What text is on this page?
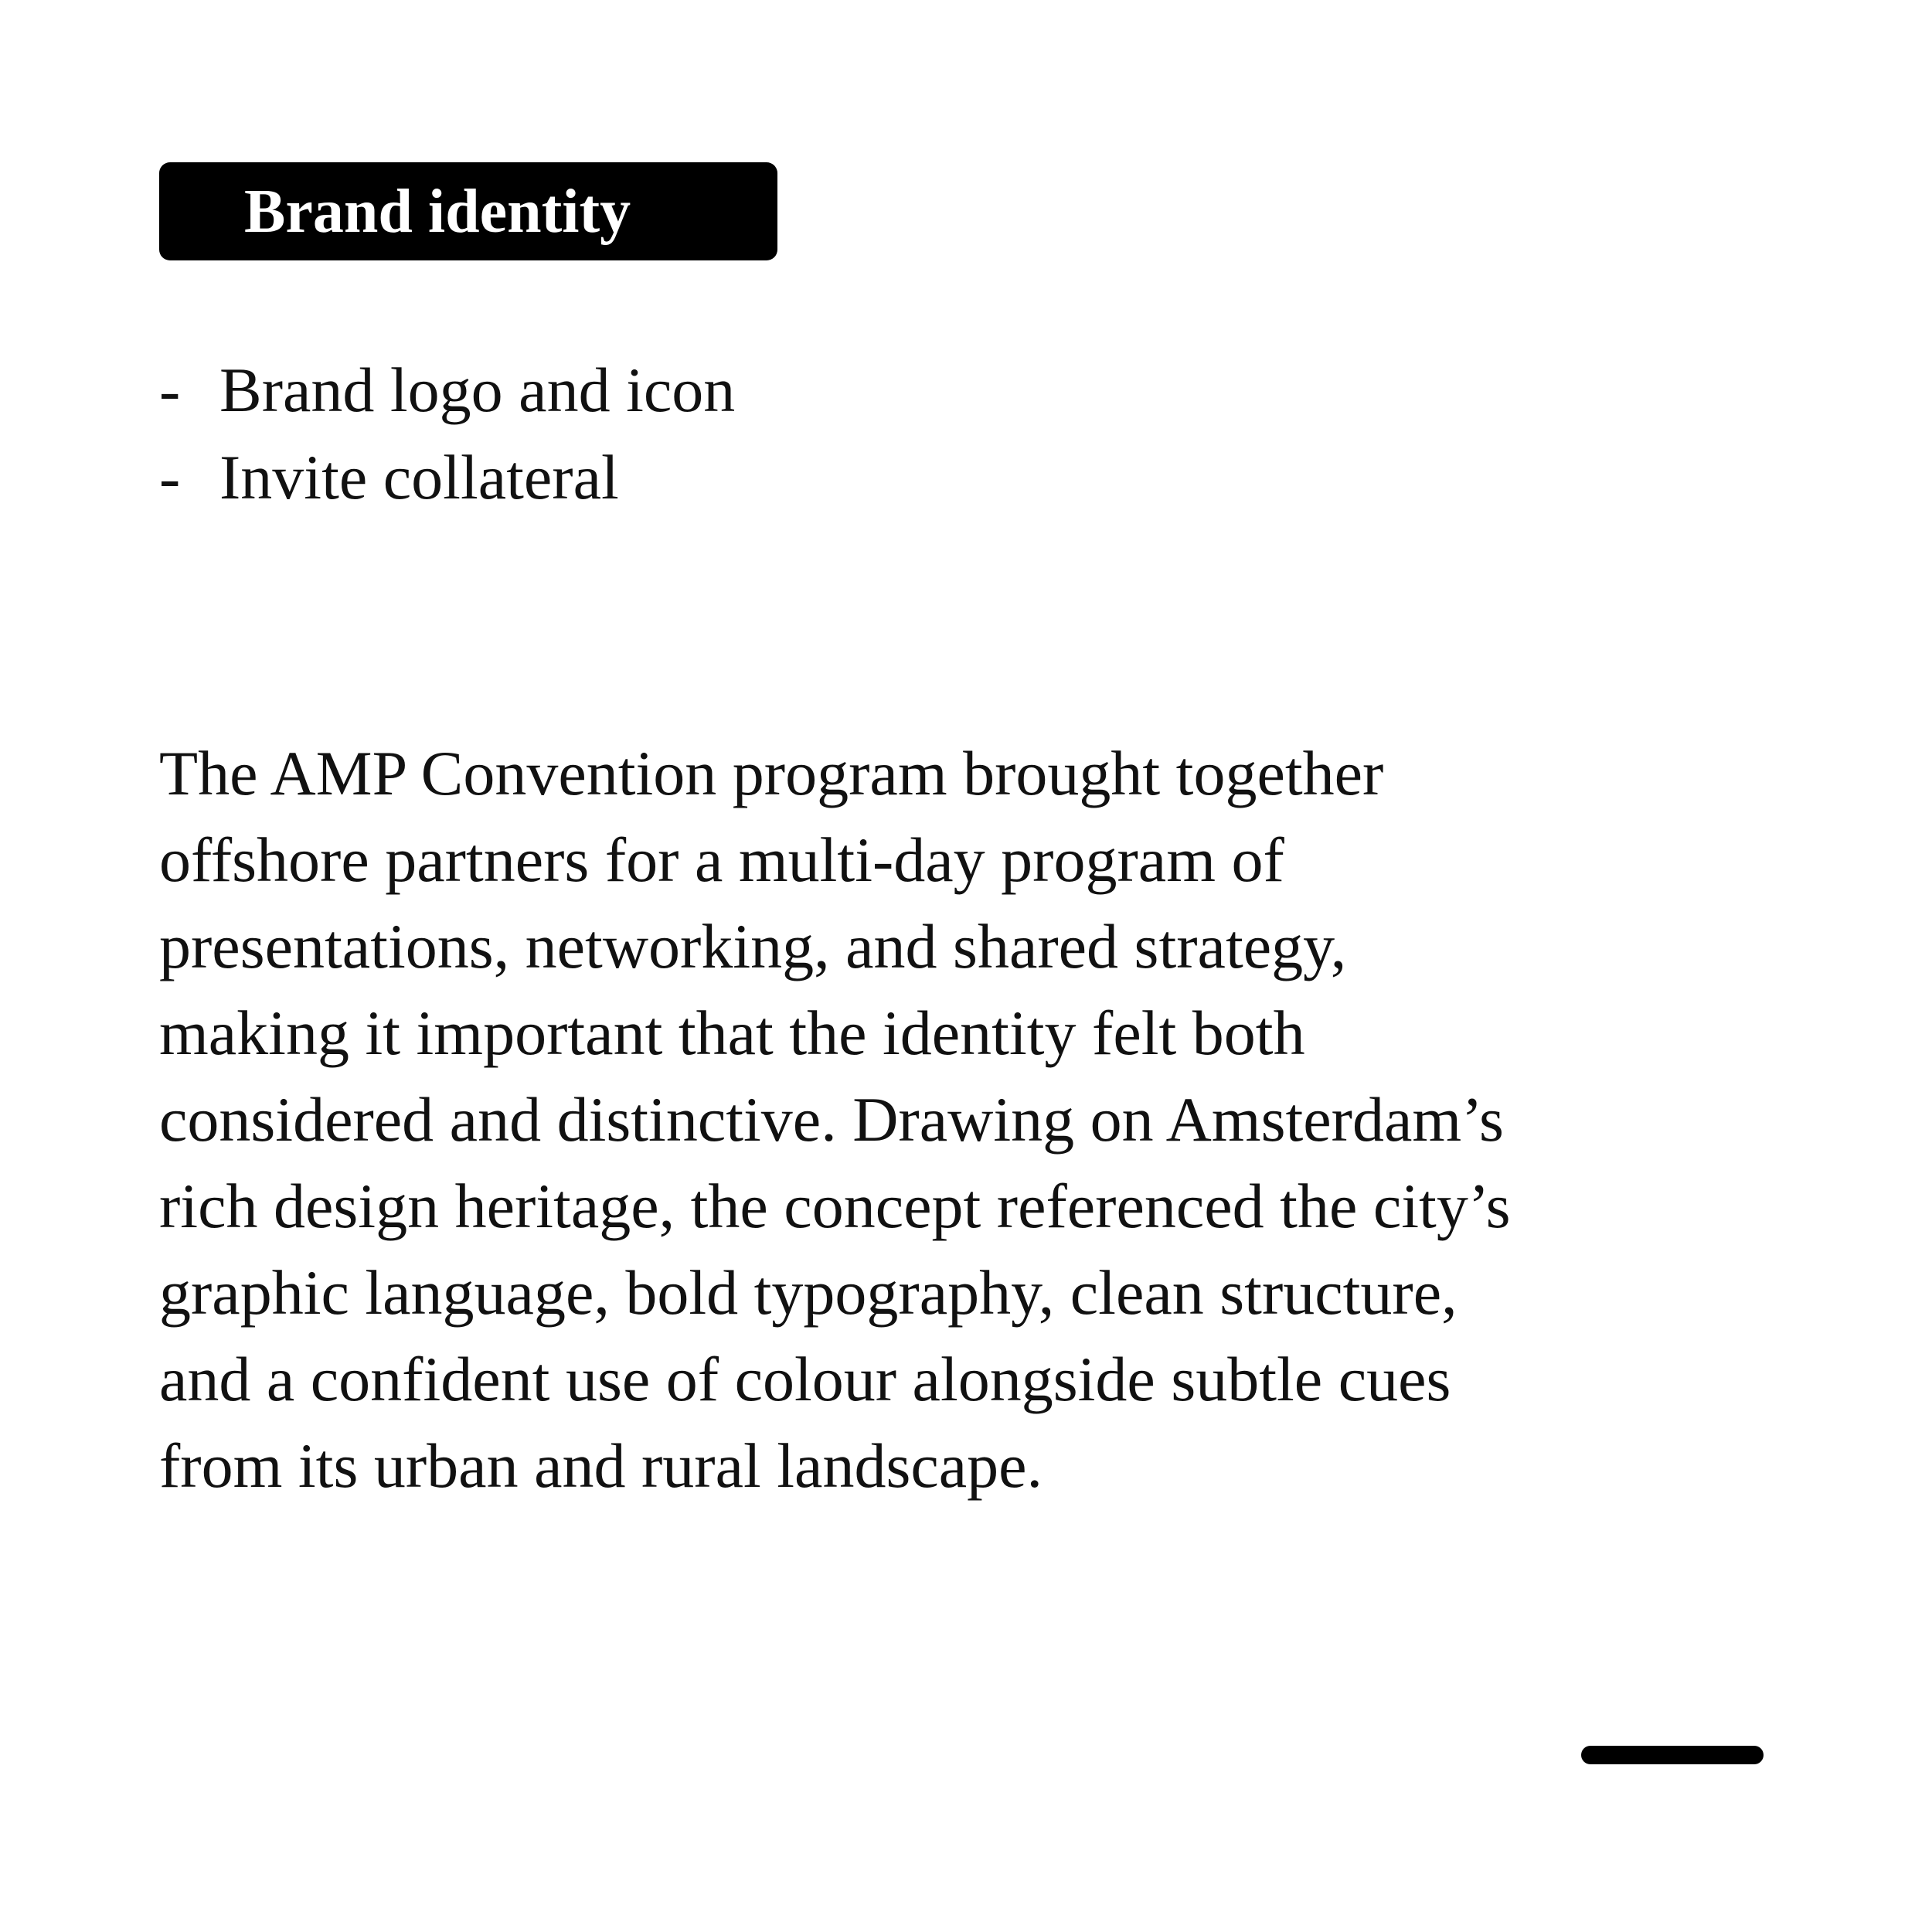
Brand identity
- Brand logo and icon
- Invite collateral

The AMP Convention program brought together
offshore partners for a multi-day program of
presentations, networking, and shared strategy,
making it important that the identity felt both
considered and distinctive. Drawing on Amsterdam’s
rich design heritage, the concept referenced the city’s
graphic language, bold typography, clean structure,
and a confident use of colour alongside subtle cues
from its urban and rural landscape.
